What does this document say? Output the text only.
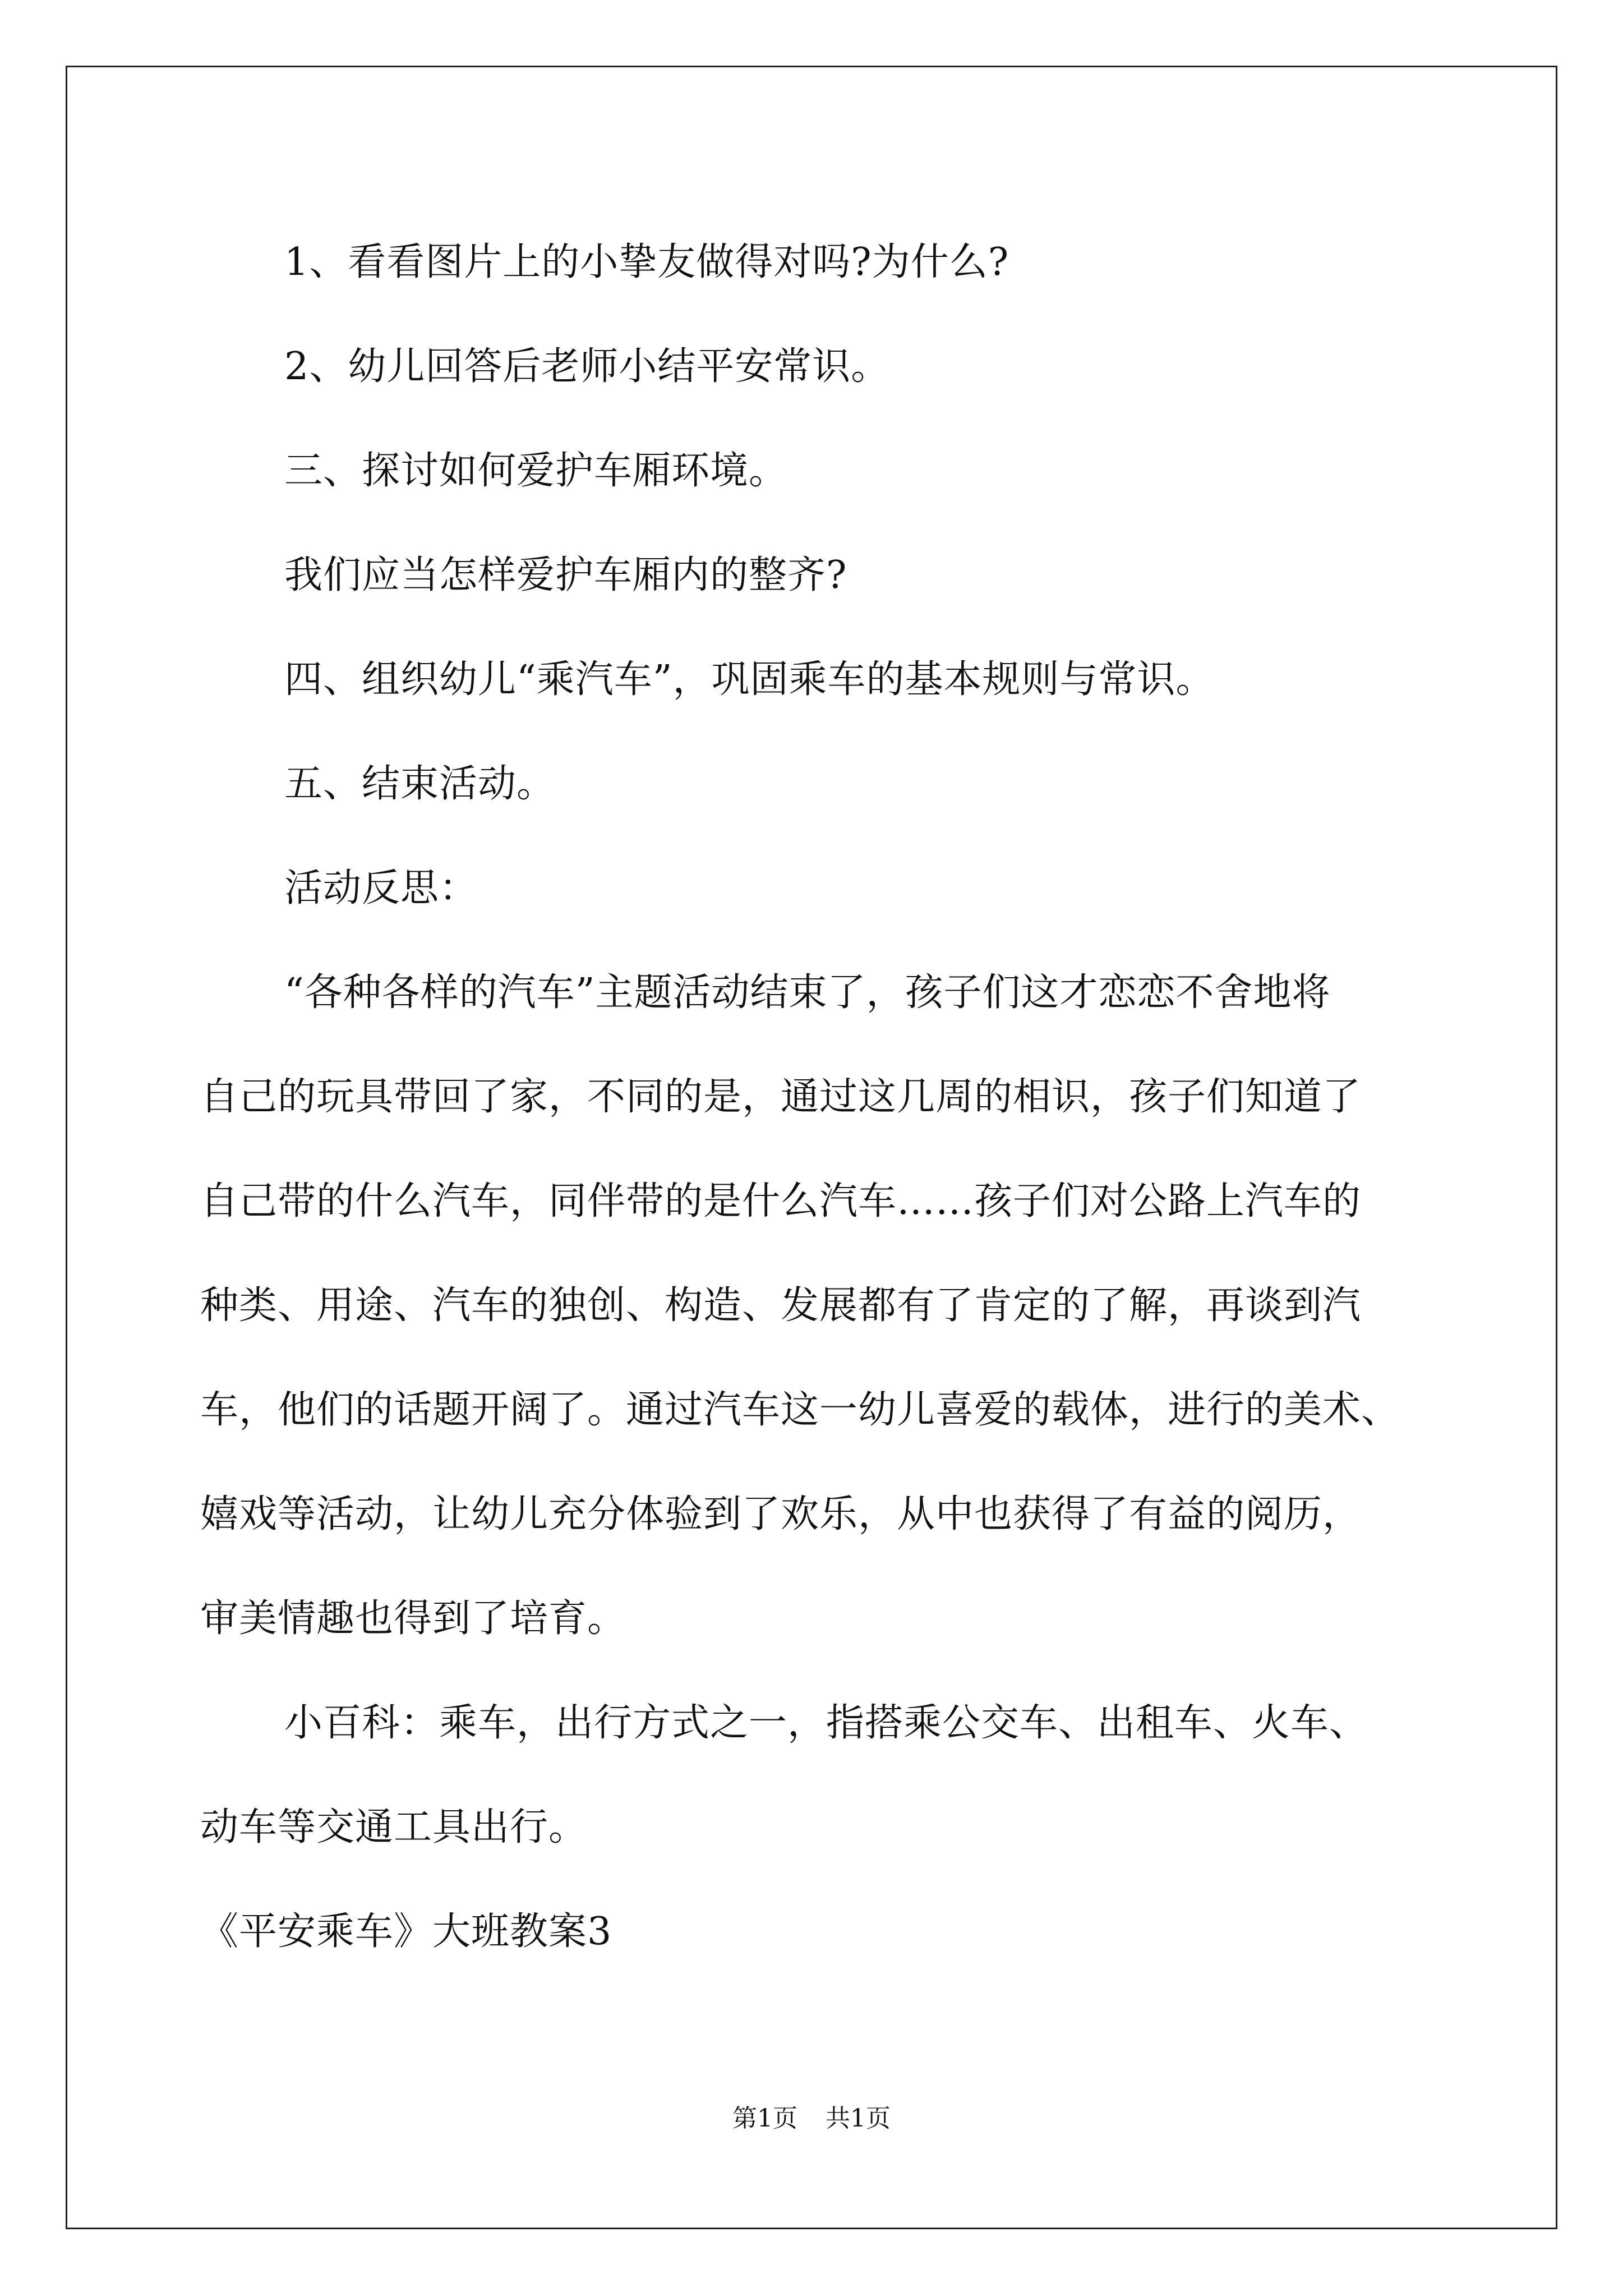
1、看看图片上的小挚友做得对吗?为什么?
2、幼儿回答后老师小结平安常识。
三、探讨如何爱护车厢环境。
我们应当怎样爱护车厢内的整齐?
四、组织幼儿“乘汽车”，巩固乘车的基本规则与常识。
五、结束活动。
活动反思：
“各种各样的汽车”主题活动结束了，孩子们这才恋恋不舍地将
自己的玩具带回了家，不同的是，通过这几周的相识，孩子们知道了
自己带的什么汽车，同伴带的是什么汽车……孩子们对公路上汽车的
种类、用途、汽车的独创、构造、发展都有了肯定的了解，再谈到汽
车，他们的话题开阔了。通过汽车这一幼儿喜爱的载体，进行的美术、
嬉戏等活动，让幼儿充分体验到了欢乐，从中也获得了有益的阅历，
审美情趣也得到了培育。
小百科：乘车，出行方式之一，指搭乘公交车、出租车、火车、
动车等交通工具出行。
《平安乘车》大班教案3
第1页 共1页
